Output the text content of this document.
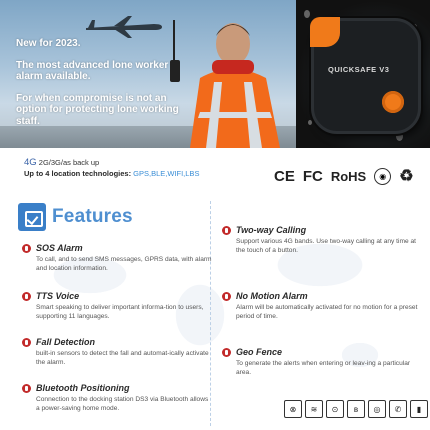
New for 2023.

The most advanced lone worker alarm available.

For when compromise is not an option for protecting lone working staff.

QUICKSAFE V3
4G 2G/3G/as back up
Up to 4 location technologies: GPS,BLE,WIFI,LBS	CE FC RoHS	◉ ♻
Features
SOS Alarm
To call, and to send SMS messages, GPRS data, with alarm and location information.
TTS Voice
Smart speaking to deliver important informa-tion to users, supporting 11 languages.
Fall Detection
built-in sensors to detect the fall and automat-ically activate the alarm.
Bluetooth Positioning
Connection to the docking station DS3 via Bluetooth allows a power-saving home mode.
Two-way Calling
Support various 4G bands. Use two-way calling at any time at the touch of a button.
No Motion Alarm
Alarm will be automatically activated for no motion for a preset period of time.
Geo Fence
To generate the alerts when entering or leav-ing a particular area.
⊗	≋	⊙	ʙ	◎	✆	▮
